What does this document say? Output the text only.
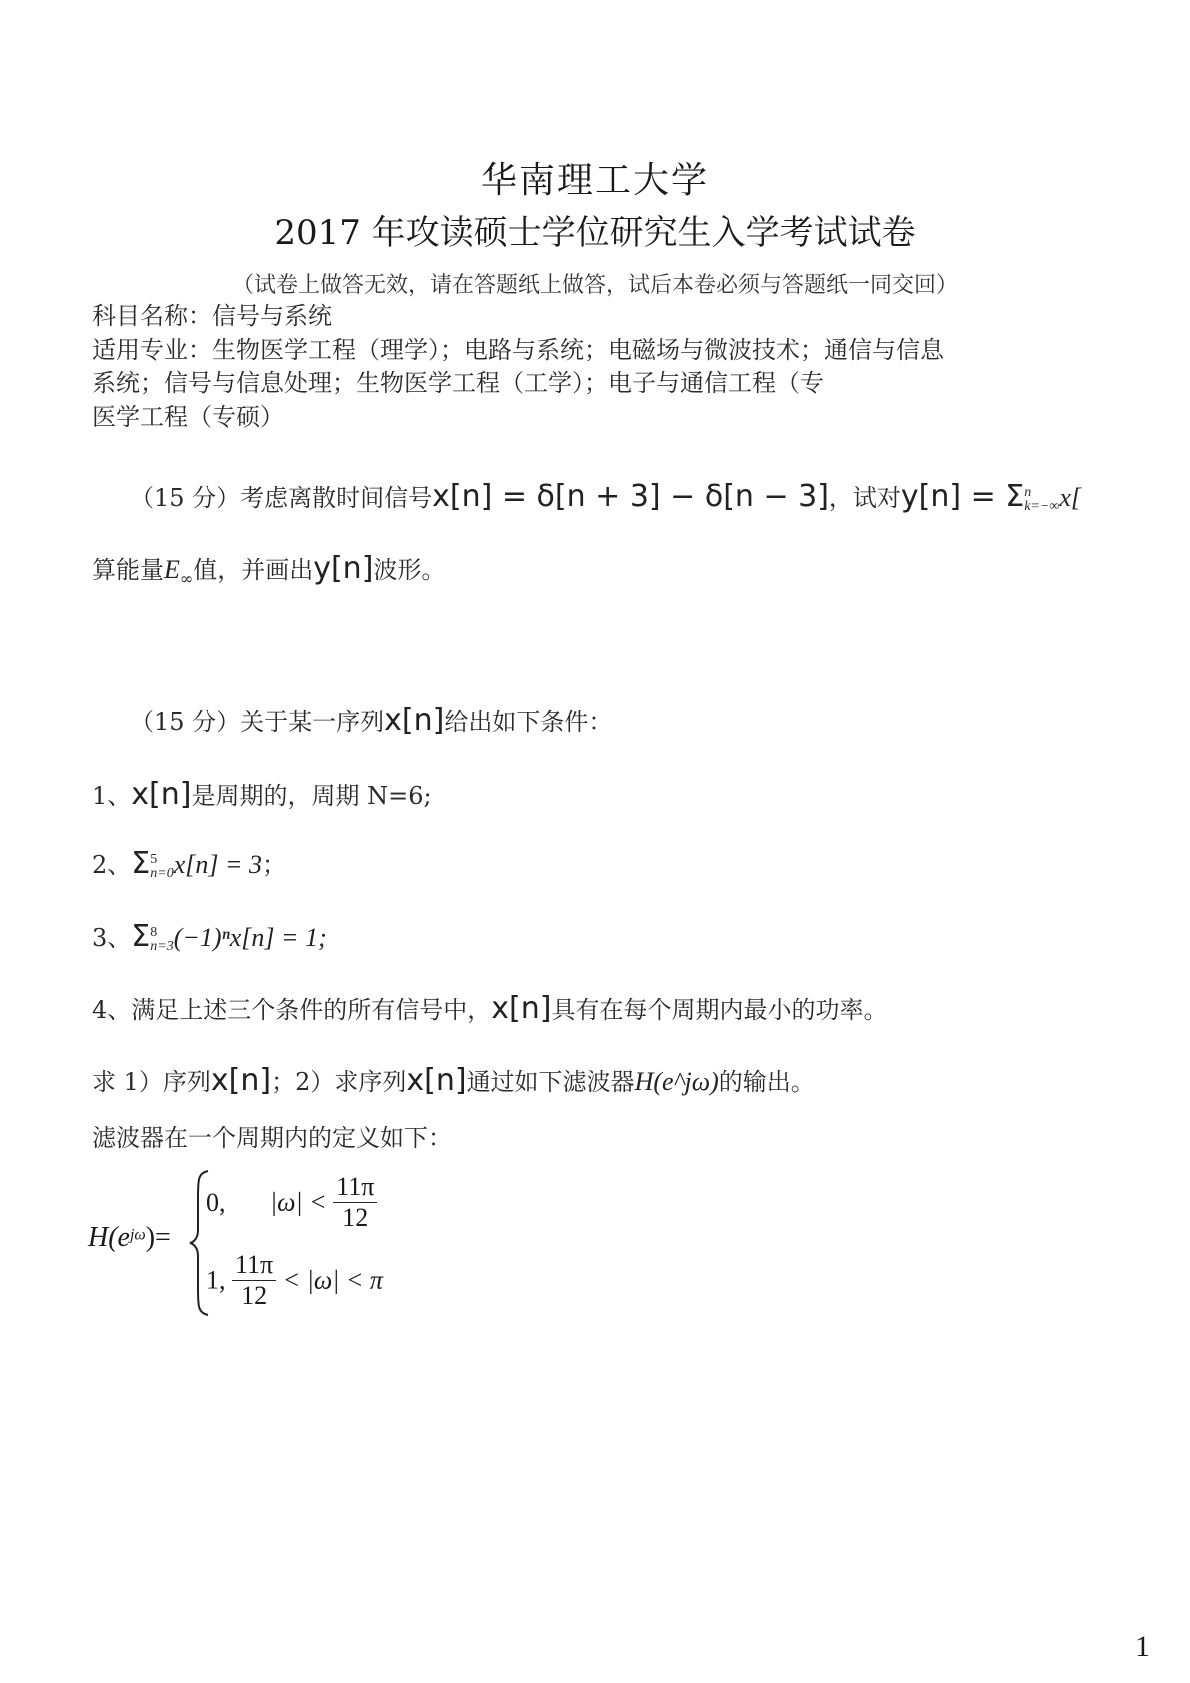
华南理工大学
2017 年攻读硕士学位研究生入学考试试卷
（试卷上做答无效，请在答题纸上做答，试后本卷必须与答题纸一同交回）
科目名称：信号与系统
适用专业：生物医学工程（理学）；电路与系统；电磁场与微波技术；通信与信息
系统；信号与信息处理；生物医学工程（工学）；电子与通信工程（专
医学工程（专硕）
（15 分）考虑离散时间信号x[n] = δ[n + 3] − δ[n − 3]，试对y[n] = Σ n
k=−∞ x[
算能量$E_\infty$值，并画出y[n]波形。
（15 分）关于某一序列x[n]给出如下条件：
1、x[n]是周期的，周期 N=6;
2、Σ 5
n=0 x[n] = 3；
3、Σ 8
n=3 (−1)ⁿx[n] = 1;
4、满足上述三个条件的所有信号中，x[n]具有在每个周期内最小的功率。
求 1）序列x[n]；2）求序列x[n]通过如下滤波器H(e^jω)的输出。
滤波器在一个周期内的定义如下：
$H(e^{j\omega})=$
0, $|\omega| < \frac{11\pi}{12}$
1, $\frac{11\pi}{12} < |\omega| < \pi$
1
